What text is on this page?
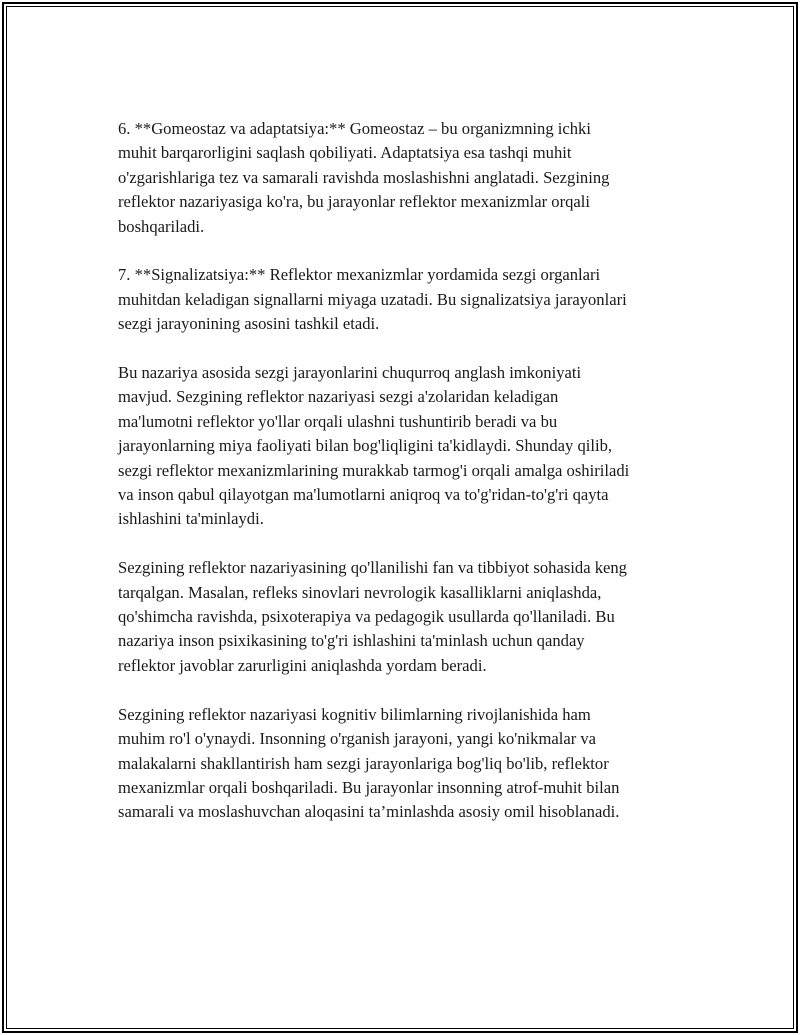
6. **Gomeostaz va adaptatsiya:** Gomeostaz – bu organizmning ichki
muhit barqarorligini saqlash qobiliyati. Adaptatsiya esa tashqi muhit
o'zgarishlariga tez va samarali ravishda moslashishni anglatadi. Sezgining
reflektor nazariyasiga ko'ra, bu jarayonlar reflektor mexanizmlar orqali
boshqariladi.

7. **Signalizatsiya:** Reflektor mexanizmlar yordamida sezgi organlari
muhitdan keladigan signallarni miyaga uzatadi. Bu signalizatsiya jarayonlari
sezgi jarayonining asosini tashkil etadi.

Bu nazariya asosida sezgi jarayonlarini chuqurroq anglash imkoniyati
mavjud. Sezgining reflektor nazariyasi sezgi a'zolaridan keladigan
ma'lumotni reflektor yo'llar orqali ulashni tushuntirib beradi va bu
jarayonlarning miya faoliyati bilan bog'liqligini ta'kidlaydi. Shunday qilib,
sezgi reflektor mexanizmlarining murakkab tarmog'i orqali amalga oshiriladi
va inson qabul qilayotgan ma'lumotlarni aniqroq va to'g'ridan-to'g'ri qayta
ishlashini ta'minlaydi.

Sezgining reflektor nazariyasining qo'llanilishi fan va tibbiyot sohasida keng
tarqalgan. Masalan, refleks sinovlari nevrologik kasalliklarni aniqlashda,
qo'shimcha ravishda, psixoterapiya va pedagogik usullarda qo'llaniladi. Bu
nazariya inson psixikasining to'g'ri ishlashini ta'minlash uchun qanday
reflektor javoblar zarurligini aniqlashda yordam beradi.

Sezgining reflektor nazariyasi kognitiv bilimlarning rivojlanishida ham
muhim ro'l o'ynaydi. Insonning o'rganish jarayoni, yangi ko'nikmalar va
malakalarni shakllantirish ham sezgi jarayonlariga bog'liq bo'lib, reflektor
mexanizmlar orqali boshqariladi. Bu jarayonlar insonning atrof-muhit bilan
samarali va moslashuvchan aloqasini ta’minlashda asosiy omil hisoblanadi.
